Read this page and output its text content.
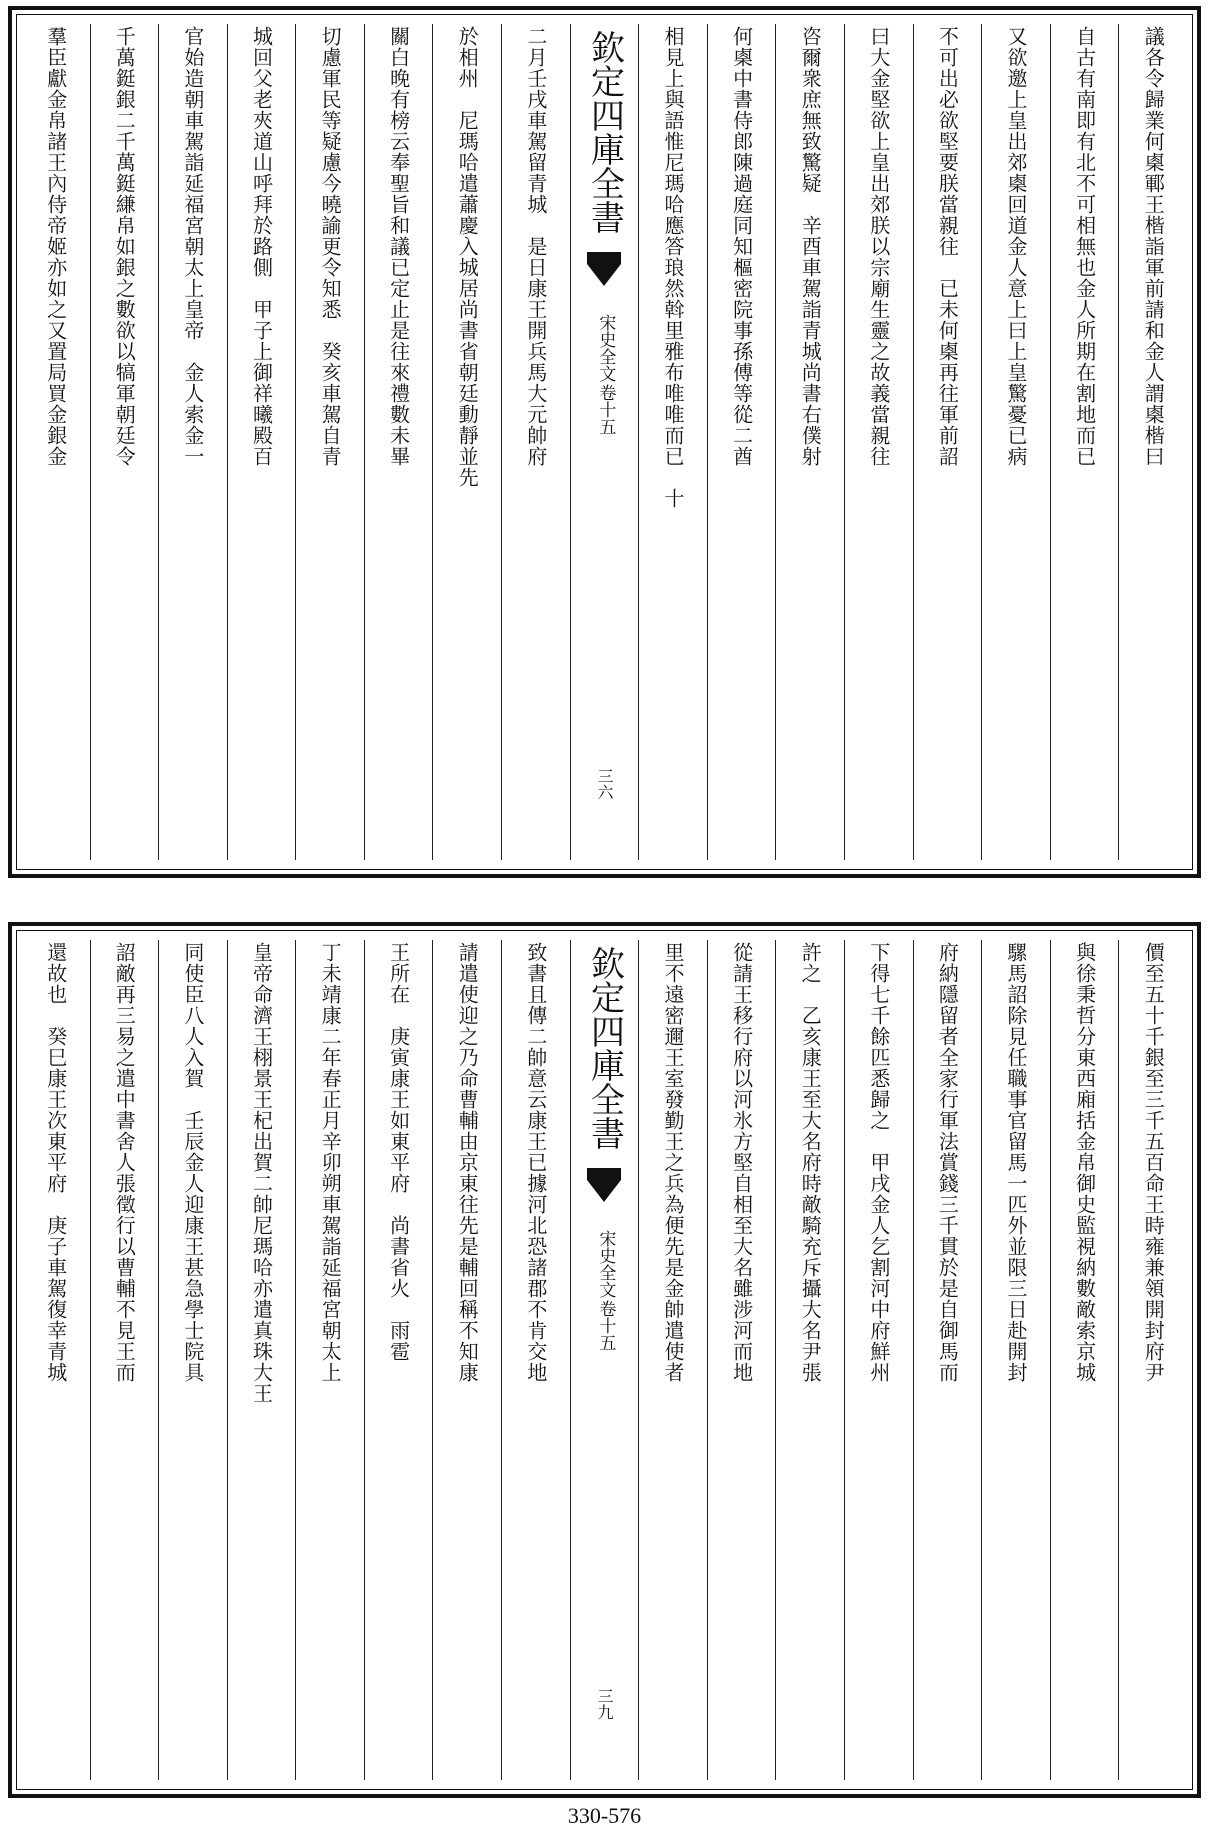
議各令歸業何㮚鄆王楷詣軍前請和金人謂㮚楷曰
自古有南即有北不可相無也金人所期在割地而已
又欲邀上皇出郊㮚回道金人意上曰上皇驚憂已病
不可出必欲堅要朕當親往　已未何㮚再往軍前詔
曰大金堅欲上皇出郊朕以宗廟生靈之故義當親往
咨爾衆庶無致驚疑　辛酉車駕詣青城尚書右僕射
何㮚中書侍郎陳過庭同知樞密院事孫傅等從二酋
相見上與語惟尼瑪哈應答琅然斡里雅布唯唯而已　十
欽定四庫全書
宋史全文
卷十五
三六
二月壬戌車駕留青城　是日康王開兵馬大元帥府
於相州　尼瑪哈遣蕭慶入城居尚書省朝廷動靜並先
關白晚有榜云奉聖旨和議已定止是往來禮數未畢
切慮軍民等疑慮今曉諭更令知悉　癸亥車駕自青
城回父老夾道山呼拜於路側　甲子上御祥曦殿百
官始造朝車駕詣延福宮朝太上皇帝　金人索金一
千萬鋌銀二千萬鋌縑帛如銀之數欲以犒軍朝廷令
羣臣獻金帛諸王內侍帝姬亦如之又置局買金銀金
價至五十千銀至三千五百命王時雍兼領開封府尹
與徐秉哲分東西廂括金帛御史監視納數敵索京城
騾馬詔除見任職事官留馬一匹外並限三日赴開封
府納隱留者全家行軍法賞錢三千貫於是自御馬而
下得七千餘匹悉歸之　甲戌金人乞割河中府鮮州
許之　乙亥康王至大名府時敵騎充斥攝大名尹張
從請王移行府以河氷方堅自相至大名雖涉河而地
里不遠密邇王室發勤王之兵為便先是金帥遣使者
欽定四庫全書
宋史全文
卷十五
三九
致書且傳二帥意云康王已據河北恐諸郡不肯交地
請遣使迎之乃命曹輔由京東往先是輔回稱不知康
王所在　庚寅康王如東平府　尚書省火　雨雹
丁未靖康二年春正月辛卯朔車駕詣延福宮朝太上
皇帝命濟王栩景王杞出賀二帥尼瑪哈亦遣真珠大王
同使臣八人入賀　壬辰金人迎康王甚急學士院具
詔敵再三易之遣中書舍人張徵行以曹輔不見王而
還故也　癸巳康王次東平府　庚子車駕復幸青城
330-576
